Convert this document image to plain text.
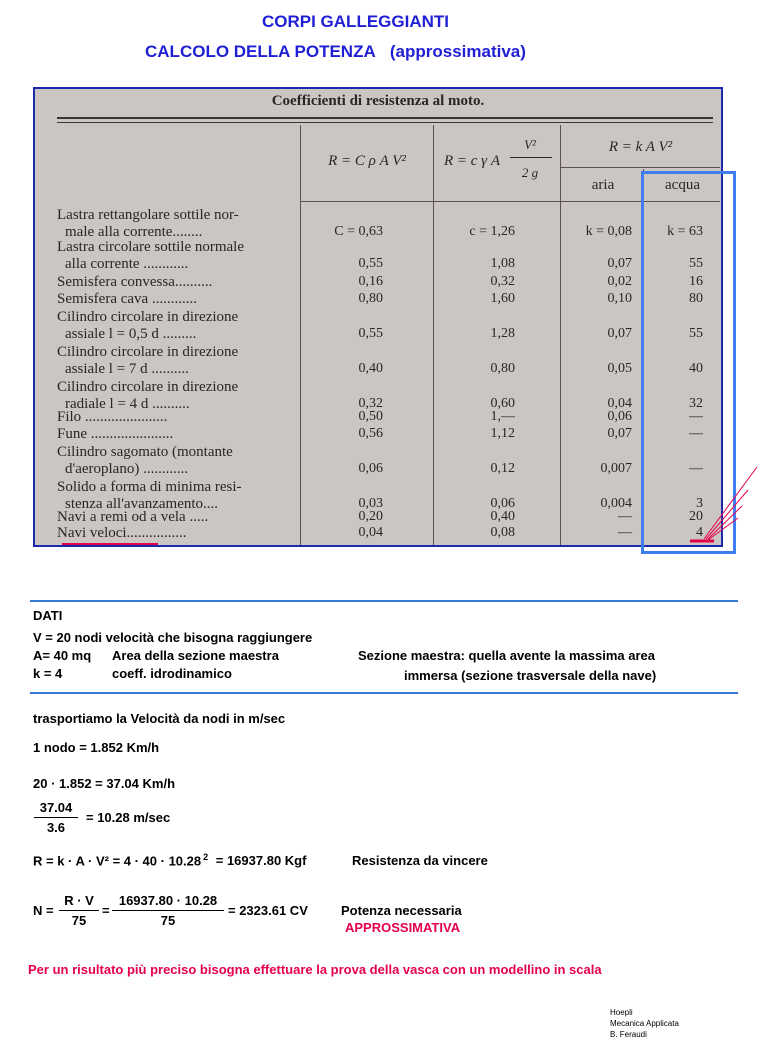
CORPI GALLEGGIANTI
CALCOLO DELLA POTENZA (approssimativa)
Coefficienti di resistenza al moto.
R = C ρ A V²	R = c γ A
V²
2 g
R = k A V²
aria	acqua
Lastra rettangolare sottile nor-
male alla corrente........	C = 0,63	c = 1,26	k = 0,08	k = 63
Lastra circolare sottile normale
alla corrente ............	0,55	1,08	0,07	55
Semisfera convessa..........	0,16	0,32	0,02	16
Semisfera cava ............	0,80	1,60	0,10	80
Cilindro circolare in direzione
assiale l = 0,5 d .........	0,55	1,28	0,07	55
Cilindro circolare in direzione
assiale l = 7 d ..........	0,40	0,80	0,05	40
Cilindro circolare in direzione
radiale l = 4 d ..........	0,32	0,60	0,04	32
Filo ......................	0,50	1,—	0,06	—
Fune ......................	0,56	1,12	0,07	—
Cilindro sagomato (montante
d'aeroplano) ............	0,06	0,12	0,007	—
Solido a forma di minima resi-
stenza all'avanzamento....	0,03	0,06	0,004	3
Navi a remi od a vela .....	0,20	0,40	—	20
Navi veloci................	0,04	0,08	—	4
DATI
V = 20 nodi velocità che bisogna raggiungere
A= 40 mq Area della sezione maestra
k = 4	coeff. idrodinamico
Sezione maestra: quella avente la massima area
immersa (sezione trasversale della nave)
trasportiamo la Velocità da nodi in m/sec
1 nodo = 1.852 Km/h
20 · 1.852 = 37.04 Km/h
37.04
3.6
= 10.28 m/sec
R = k · A · V² = 4 · 40 · 10.28 $^2$ = 16937.80 Kgf	Resistenza da vincere
N =
R · V
75
=
16937.80 · 10.28
75
= 2323.61 CV	Potenza necessaria
APPROSSIMATIVA
Per un risultato più preciso bisogna effettuare la prova della vasca con un modellino in scala
Hoepli
Mecanica Applicata
B. Feraudi
